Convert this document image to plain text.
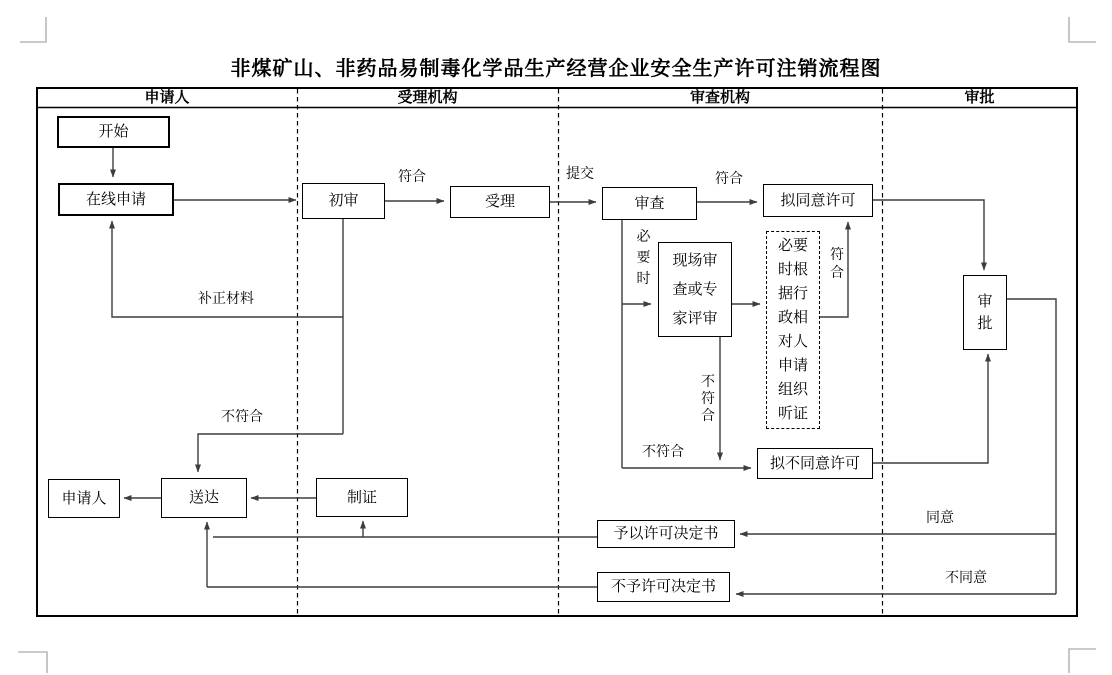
非煤矿山、非药品易制毒化学品生产经营企业安全生产许可注销流程图
申请人	受理机构	审查机构	审批
开始
在线申请	初审	受理	审查	拟同意许可
现场审查或专家评审
必要时根据行政相对人申请组织听证
审批
拟不同意许可
予以许可决定书
不予许可决定书
制证
送达
申请人
符合	提交	符合
必要时
符合
不符合
补正材料
不符合
不符合
同意
不同意
